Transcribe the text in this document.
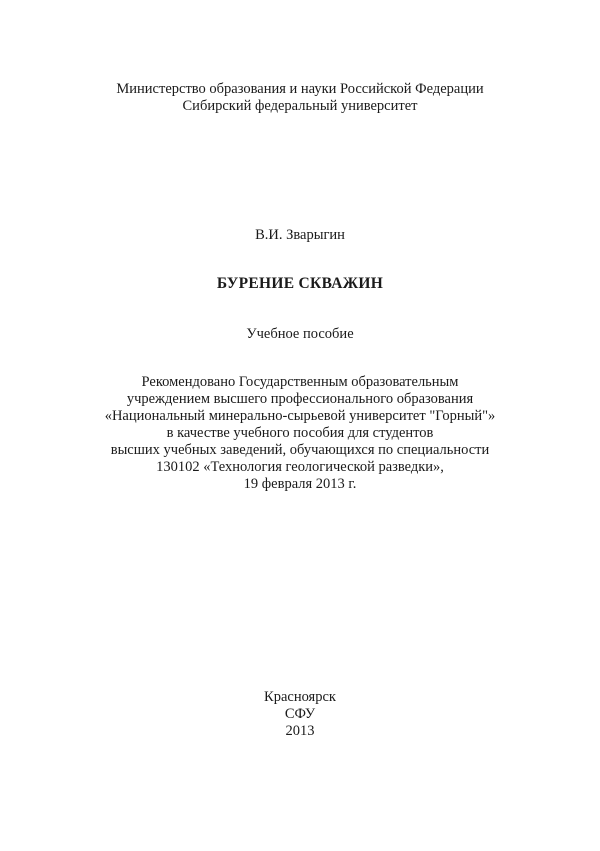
Министерство образования и науки Российской Федерации
Сибирский федеральный университет
В.И. Зварыгин
БУРЕНИЕ СКВАЖИН
Учебное пособие
Рекомендовано Государственным образовательным
учреждением высшего профессионального образования
«Национальный минерально-сырьевой университет "Горный"»
в качестве учебного пособия для студентов
высших учебных заведений, обучающихся по специальности
130102 «Технология геологической разведки»,
19 февраля 2013 г.
Красноярск
СФУ
2013
